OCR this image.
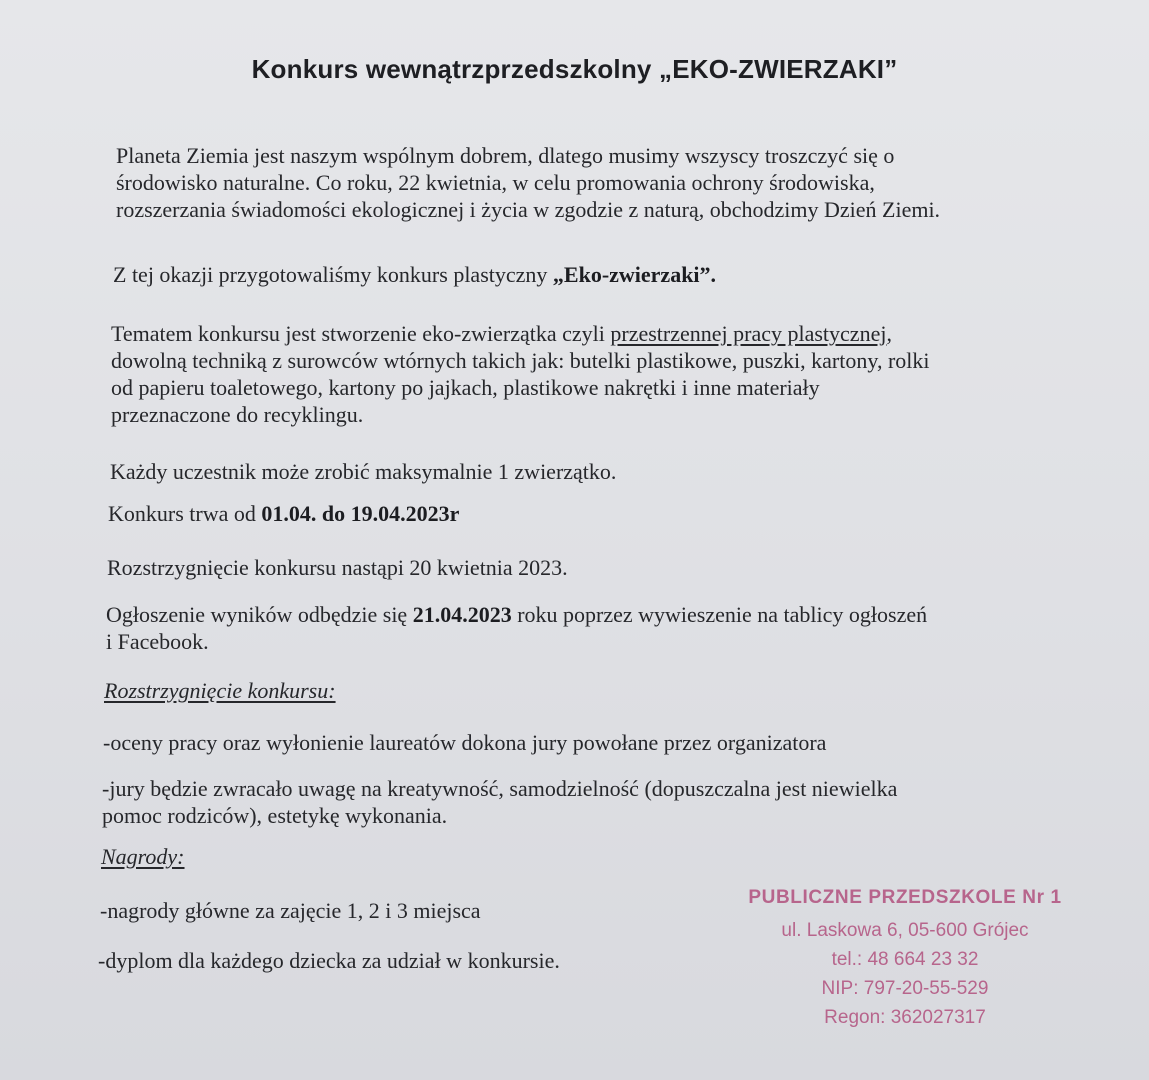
Konkurs wewnątrzprzedszkolny „EKO-ZWIERZAKI”
Planeta Ziemia jest naszym wspólnym dobrem, dlatego musimy wszyscy troszczyć się o
środowisko naturalne. Co roku, 22 kwietnia, w celu promowania ochrony środowiska,
rozszerzania świadomości ekologicznej i życia w zgodzie z naturą, obchodzimy Dzień Ziemi.
Z tej okazji przygotowaliśmy konkurs plastyczny „Eko-zwierzaki”.
Tematem konkursu jest stworzenie eko-zwierzątka czyli przestrzennej pracy plastycznej,
dowolną techniką z surowców wtórnych takich jak: butelki plastikowe, puszki, kartony, rolki
od papieru toaletowego, kartony po jajkach, plastikowe nakrętki i inne materiały
przeznaczone do recyklingu.
Każdy uczestnik może zrobić maksymalnie 1 zwierzątko.
Konkurs trwa od 01.04. do 19.04.2023r
Rozstrzygnięcie konkursu nastąpi 20 kwietnia 2023.
Ogłoszenie wyników odbędzie się 21.04.2023 roku poprzez wywieszenie na tablicy ogłoszeń
i Facebook.
Rozstrzygnięcie konkursu:
-oceny pracy oraz wyłonienie laureatów dokona jury powołane przez organizatora
-jury będzie zwracało uwagę na kreatywność, samodzielność (dopuszczalna jest niewielka
pomoc rodziców), estetykę wykonania.
Nagrody:
-nagrody główne za zajęcie 1, 2 i 3 miejsca
-dyplom dla każdego dziecka za udział w konkursie.
PUBLICZNE PRZEDSZKOLE Nr 1
ul. Laskowa 6, 05-600 Grójec
tel.: 48 664 23 32
NIP: 797-20-55-529
Regon: 362027317
